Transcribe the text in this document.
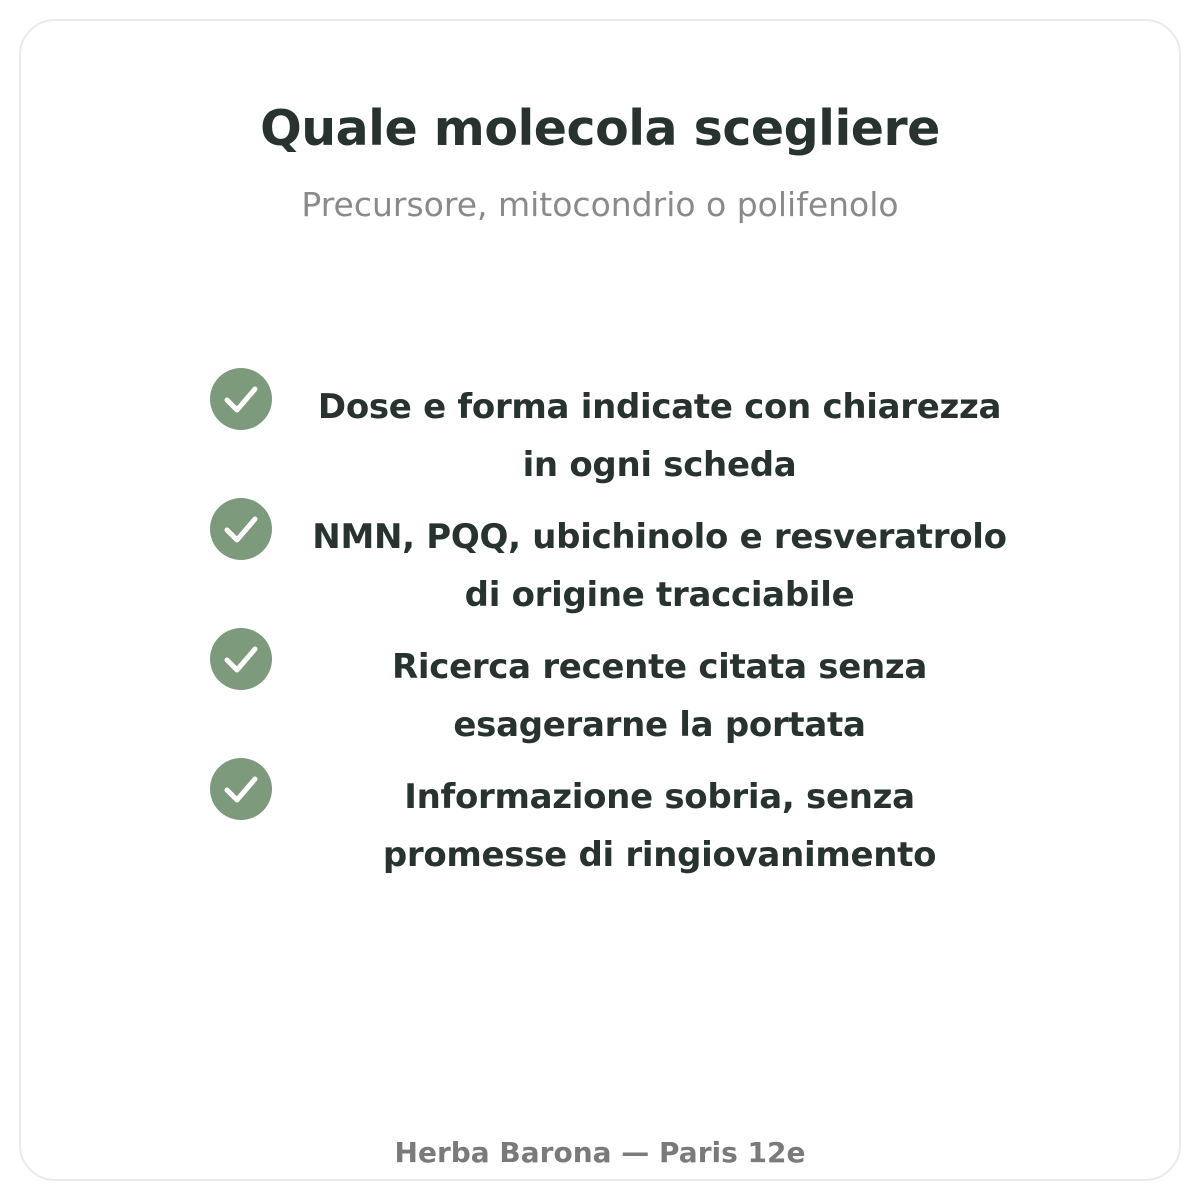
Quale molecola scegliere

Precursore, mitocondrio o polifenolo

Dose e forma indicate con chiarezza in ogni scheda
NMN, PQQ, ubichinolo e resveratrolo di origine tracciabile
Ricerca recente citata senza esagerarne la portata
Informazione sobria, senza promesse di ringiovanimento
Herba Barona — Paris 12e
